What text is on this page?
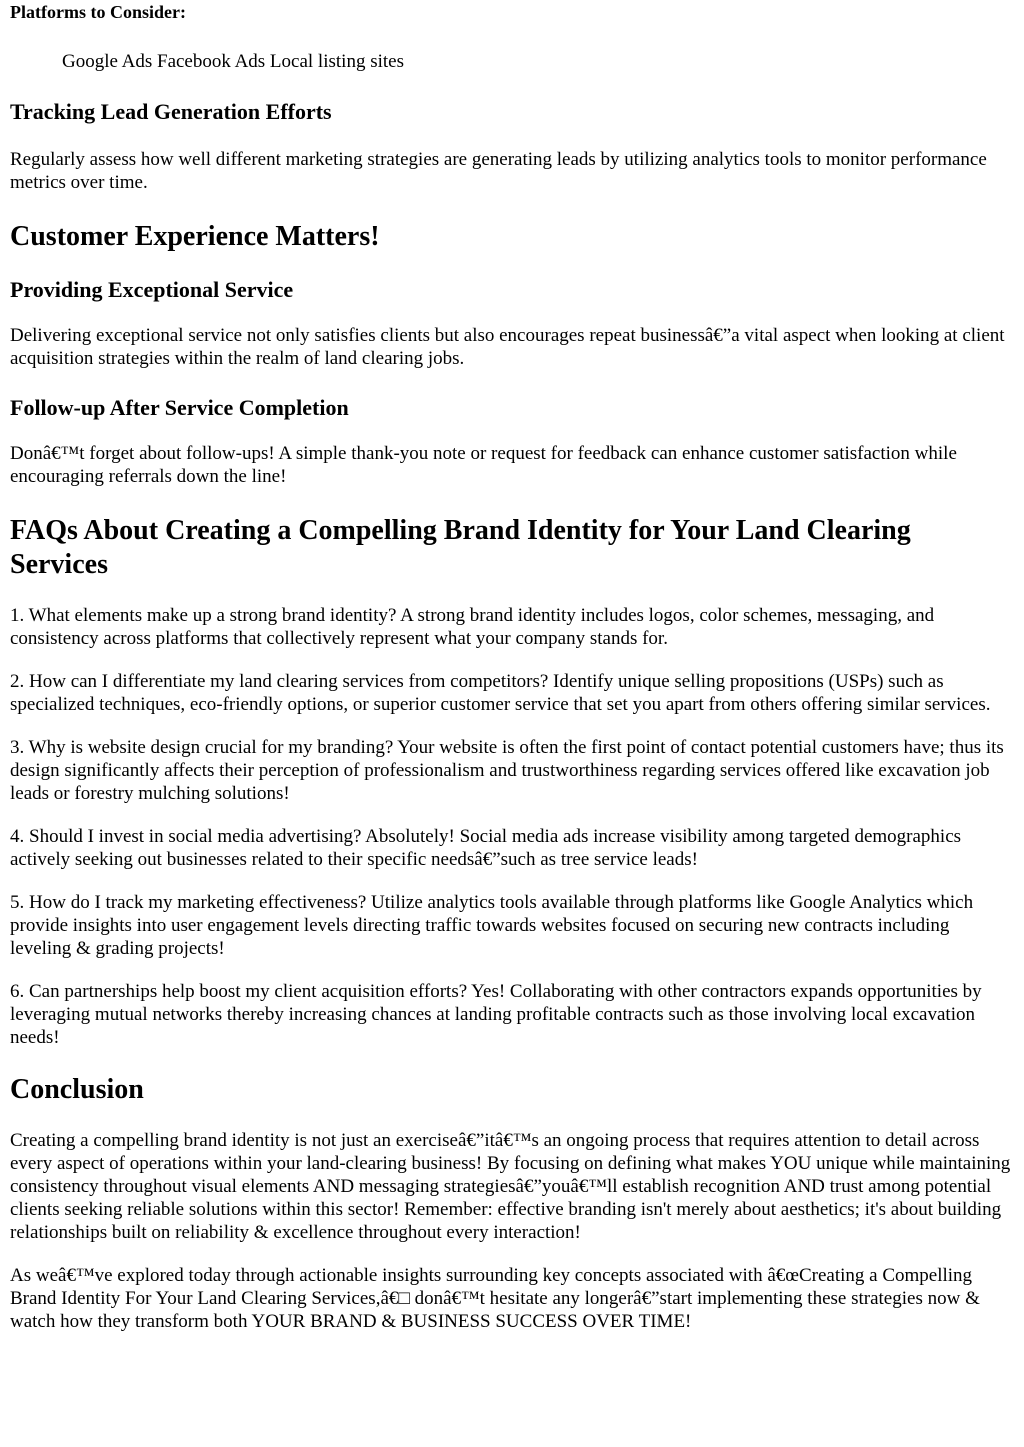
Platforms to Consider:
Google Ads Facebook Ads Local listing sites
Tracking Lead Generation Efforts

Regularly assess how well different marketing strategies are generating leads by utilizing analytics tools to monitor performance metrics over time.

Customer Experience Matters!
Providing Exceptional Service

Delivering exceptional service not only satisfies clients but also encourages repeat businessâ€”a vital aspect when looking at client acquisition strategies within the realm of land clearing jobs.

Follow-up After Service Completion

Donâ€™t forget about follow-ups! A simple thank-you note or request for feedback can enhance customer satisfaction while encouraging referrals down the line!

FAQs About Creating a Compelling Brand Identity for Your Land Clearing Services

1. What elements make up a strong brand identity? A strong brand identity includes logos, color schemes, messaging, and consistency across platforms that collectively represent what your company stands for.

2. How can I differentiate my land clearing services from competitors? Identify unique selling propositions (USPs) such as specialized techniques, eco-friendly options, or superior customer service that set you apart from others offering similar services.

3. Why is website design crucial for my branding? Your website is often the first point of contact potential customers have; thus its design significantly affects their perception of professionalism and trustworthiness regarding services offered like excavation job leads or forestry mulching solutions!

4. Should I invest in social media advertising? Absolutely! Social media ads increase visibility among targeted demographics actively seeking out businesses related to their specific needsâ€”such as tree service leads!

5. How do I track my marketing effectiveness? Utilize analytics tools available through platforms like Google Analytics which provide insights into user engagement levels directing traffic towards websites focused on securing new contracts including leveling & grading projects!

6. Can partnerships help boost my client acquisition efforts? Yes! Collaborating with other contractors expands opportunities by leveraging mutual networks thereby increasing chances at landing profitable contracts such as those involving local excavation needs!

Conclusion

Creating a compelling brand identity is not just an exerciseâ€”itâ€™s an ongoing process that requires attention to detail across every aspect of operations within your land-clearing business! By focusing on defining what makes YOU unique while maintaining consistency throughout visual elements AND messaging strategiesâ€”youâ€™ll establish recognition AND trust among potential clients seeking reliable solutions within this sector! Remember: effective branding isn't merely about aesthetics; it's about building relationships built on reliability & excellence throughout every interaction!

As weâ€™ve explored today through actionable insights surrounding key concepts associated with â€œCreating a Compelling Brand Identity For Your Land Clearing Services,â€□ donâ€™t hesitate any longerâ€”start implementing these strategies now & watch how they transform both YOUR BRAND & BUSINESS SUCCESS OVER TIME!
